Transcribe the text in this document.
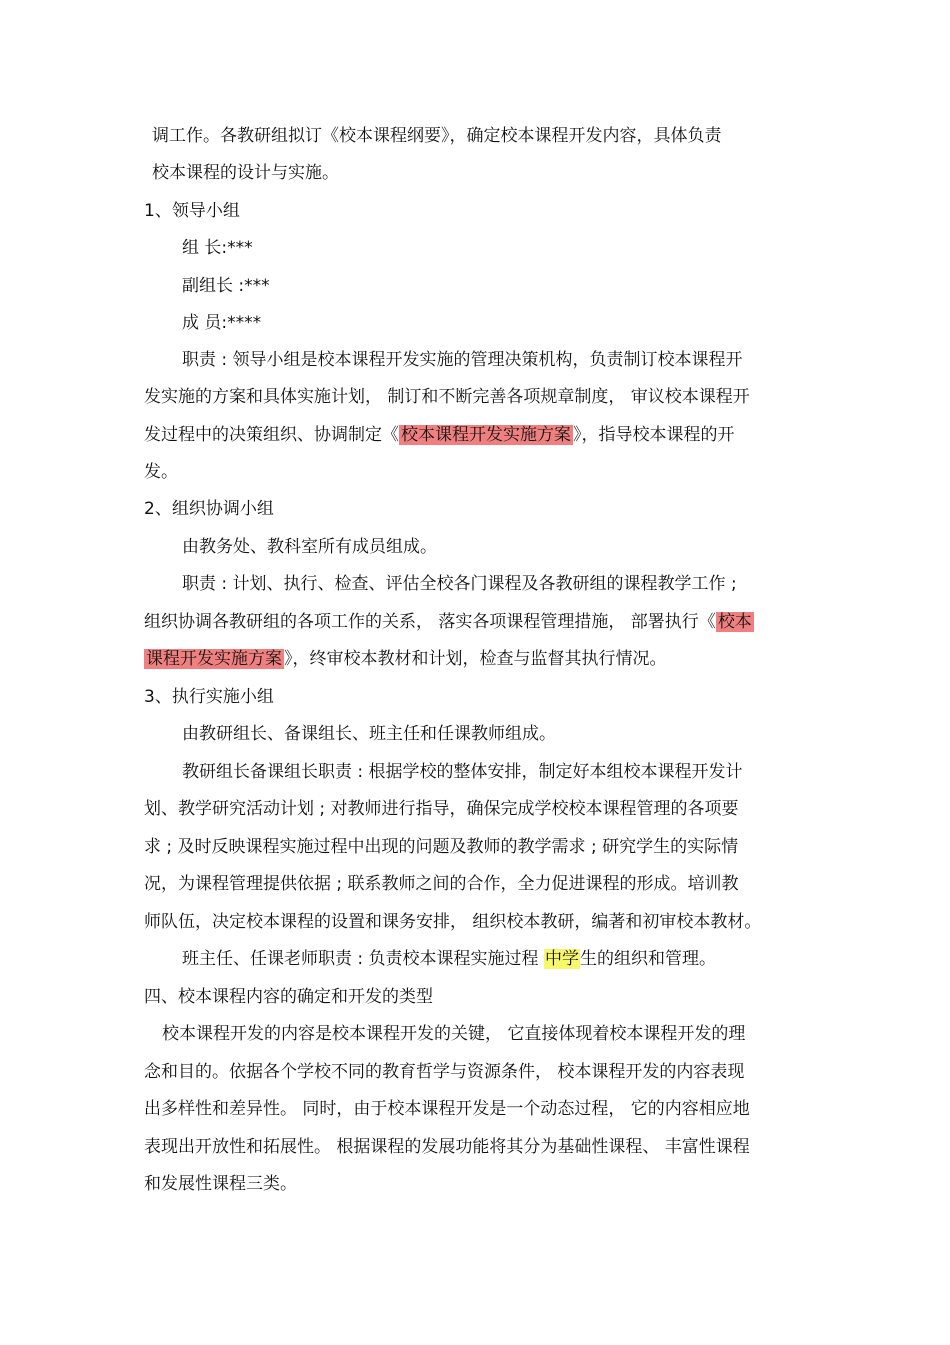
调工作。各教研组拟订《校本课程纲要》，确定校本课程开发内容，具体负责

校本课程的设计与实施。

1、领导小组

组 长:***

副组长 :***

成 员:****

职责 : 领导小组是校本课程开发实施的管理决策机构，负责制订校本课程开

发实施的方案和具体实施计划， 制订和不断完善各项规章制度， 审议校本课程开

发过程中的决策组织、协调制定《 校本课程开发实施方案 》，指导校本课程的开

发。

2、组织协调小组

由教务处、教科室所有成员组成。

职责 : 计划、执行、检查、评估全校各门课程及各教研组的课程教学工作 ;

组织协调各教研组的各项工作的关系， 落实各项课程管理措施， 部署执行《 校本

课程开发实施方案 》，终审校本教材和计划，检查与监督其执行情况。

3、执行实施小组

由教研组长、备课组长、班主任和任课教师组成。

教研组长备课组长职责 : 根据学校的整体安排，制定好本组校本课程开发计

划、教学研究活动计划 ; 对教师进行指导，确保完成学校校本课程管理的各项要

求 ; 及时反映课程实施过程中出现的问题及教师的教学需求 ; 研究学生的实际情

况，为课程管理提供依据 ; 联系教师之间的合作，全力促进课程的形成。培训教

师队伍，决定校本课程的设置和课务安排， 组织校本教研，编著和初审校本教材。

班主任、任课老师职责 : 负责校本课程实施过程 中学生的组织和管理。

四、校本课程内容的确定和开发的类型

校本课程开发的内容是校本课程开发的关键， 它直接体现着校本课程开发的理

念和目的。依据各个学校不同的教育哲学与资源条件， 校本课程开发的内容表现

出多样性和差异性。 同时，由于校本课程开发是一个动态过程， 它的内容相应地

表现出开放性和拓展性。 根据课程的发展功能将其分为基础性课程、 丰富性课程

和发展性课程三类。
